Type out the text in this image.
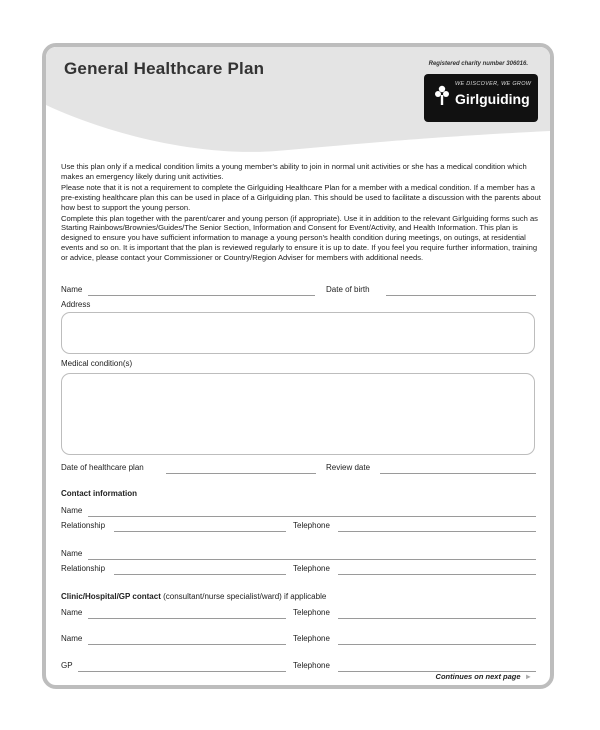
General Healthcare Plan	Registered charity number 306016.
WE DISCOVER, WE GROW
Girlguiding

Use this plan only if a medical condition limits a young member's ability to join in normal unit activities or she has a medical condition which makes an emergency likely during unit activities.

Please note that it is not a requirement to complete the Girlguiding Healthcare Plan for a member with a medical condition. If a member has a pre-existing healthcare plan this can be used in place of a Girlguiding plan. This should be used to facilitate a discussion with the parents about how best to support the young person.

Complete this plan together with the parent/carer and young person (if appropriate). Use it in addition to the relevant Girlguiding forms such as Starting Rainbows/Brownies/Guides/The Senior Section, Information and Consent for Event/Activity, and Health Information. This plan is designed to ensure you have sufficient information to manage a young person's health condition during meetings, on outings, at residential events and so on. It is important that the plan is reviewed regularly to ensure it is up to date. If you feel you require further information, training or advice, please contact your Commissioner or Country/Region Adviser for members with additional needs.

Name	Date of birth
Address
Medical condition(s)
Date of healthcare plan	Review date
Contact information
Name
Relationship	Telephone
Name
Relationship	Telephone
Clinic/Hospital/GP contact (consultant/nurse specialist/ward) if applicable
Name	Telephone
Name	Telephone
GP	Telephone
Continues on next page ►
